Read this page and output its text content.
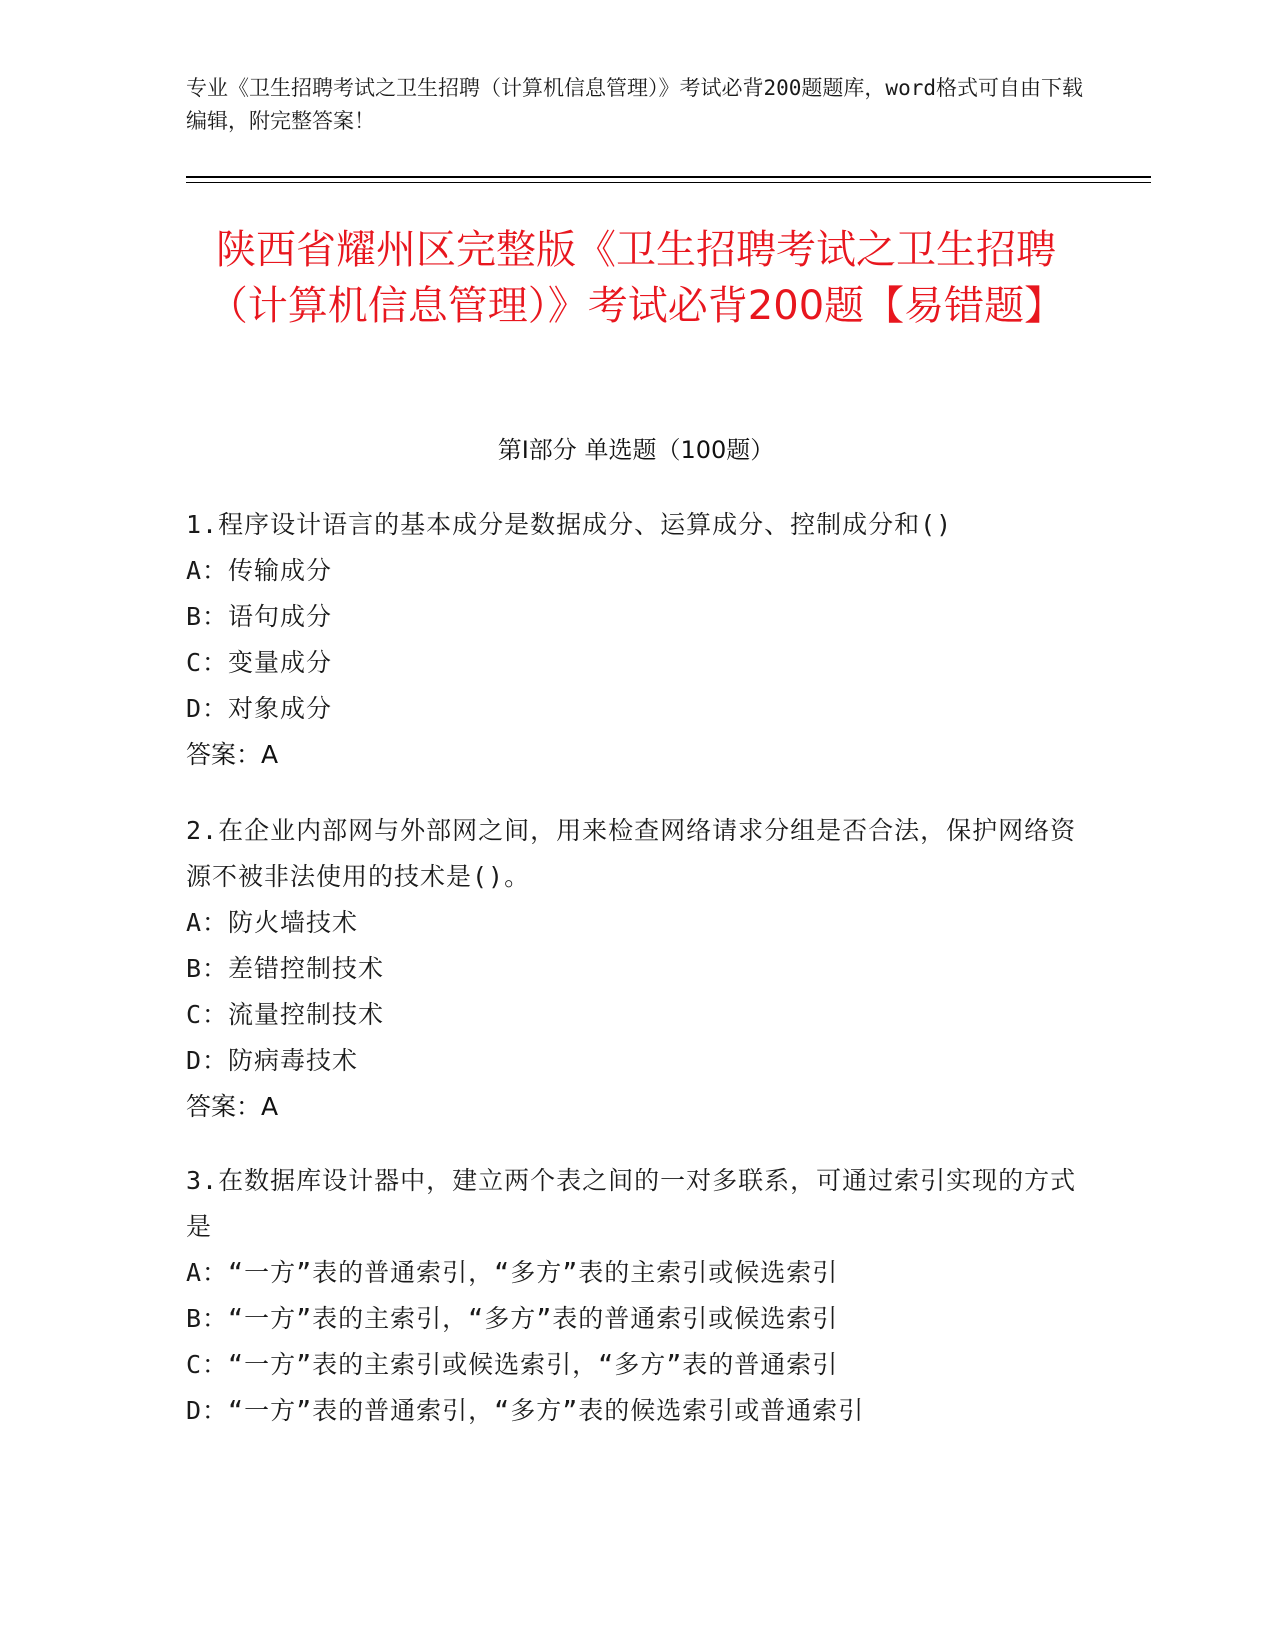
专业《卫生招聘考试之卫生招聘（计算机信息管理）》考试必背200题题库，word格式可自由下载编辑，附完整答案！
陕西省耀州区完整版《卫生招聘考试之卫生招聘（计算机信息管理）》考试必背200题【易错题】
第I部分 单选题（100题）
1.程序设计语言的基本成分是数据成分、运算成分、控制成分和()
A：传输成分
B：语句成分
C：变量成分
D：对象成分
答案：A
2.在企业内部网与外部网之间，用来检查网络请求分组是否合法，保护网络资源不被非法使用的技术是()。
A：防火墙技术
B：差错控制技术
C：流量控制技术
D：防病毒技术
答案：A
3.在数据库设计器中，建立两个表之间的一对多联系，可通过索引实现的方式是
A：“一方”表的普通索引，“多方”表的主索引或候选索引
B：“一方”表的主索引，“多方”表的普通索引或候选索引
C：“一方”表的主索引或候选索引，“多方”表的普通索引
D：“一方”表的普通索引，“多方”表的候选索引或普通索引
